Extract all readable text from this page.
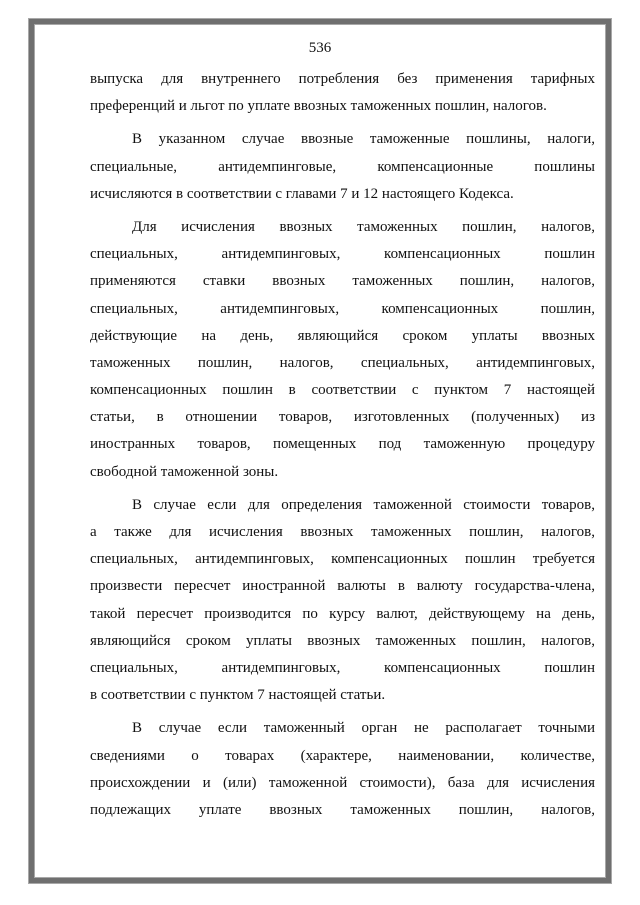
536
выпуска для внутреннего потребления без применения тарифных
преференций и льгот по уплате ввозных таможенных пошлин, налогов.
В указанном случае ввозные таможенные пошлины, налоги,
специальные, антидемпинговые, компенсационные пошлины
исчисляются в соответствии с главами 7 и 12 настоящего Кодекса.
Для исчисления ввозных таможенных пошлин, налогов,
специальных, антидемпинговых, компенсационных пошлин
применяются ставки ввозных таможенных пошлин, налогов,
специальных, антидемпинговых, компенсационных пошлин,
действующие на день, являющийся сроком уплаты ввозных
таможенных пошлин, налогов, специальных, антидемпинговых,
компенсационных пошлин в соответствии с пунктом 7 настоящей
статьи, в отношении товаров, изготовленных (полученных) из
иностранных товаров, помещенных под таможенную процедуру
свободной таможенной зоны.
В случае если для определения таможенной стоимости товаров,
а также для исчисления ввозных таможенных пошлин, налогов,
специальных, антидемпинговых, компенсационных пошлин требуется
произвести пересчет иностранной валюты в валюту государства-члена,
такой пересчет производится по курсу валют, действующему на день,
являющийся сроком уплаты ввозных таможенных пошлин, налогов,
специальных, антидемпинговых, компенсационных пошлин
в соответствии с пунктом 7 настоящей статьи.
В случае если таможенный орган не располагает точными
сведениями о товарах (характере, наименовании, количестве,
происхождении и (или) таможенной стоимости), база для исчисления
подлежащих уплате ввозных таможенных пошлин, налогов,
